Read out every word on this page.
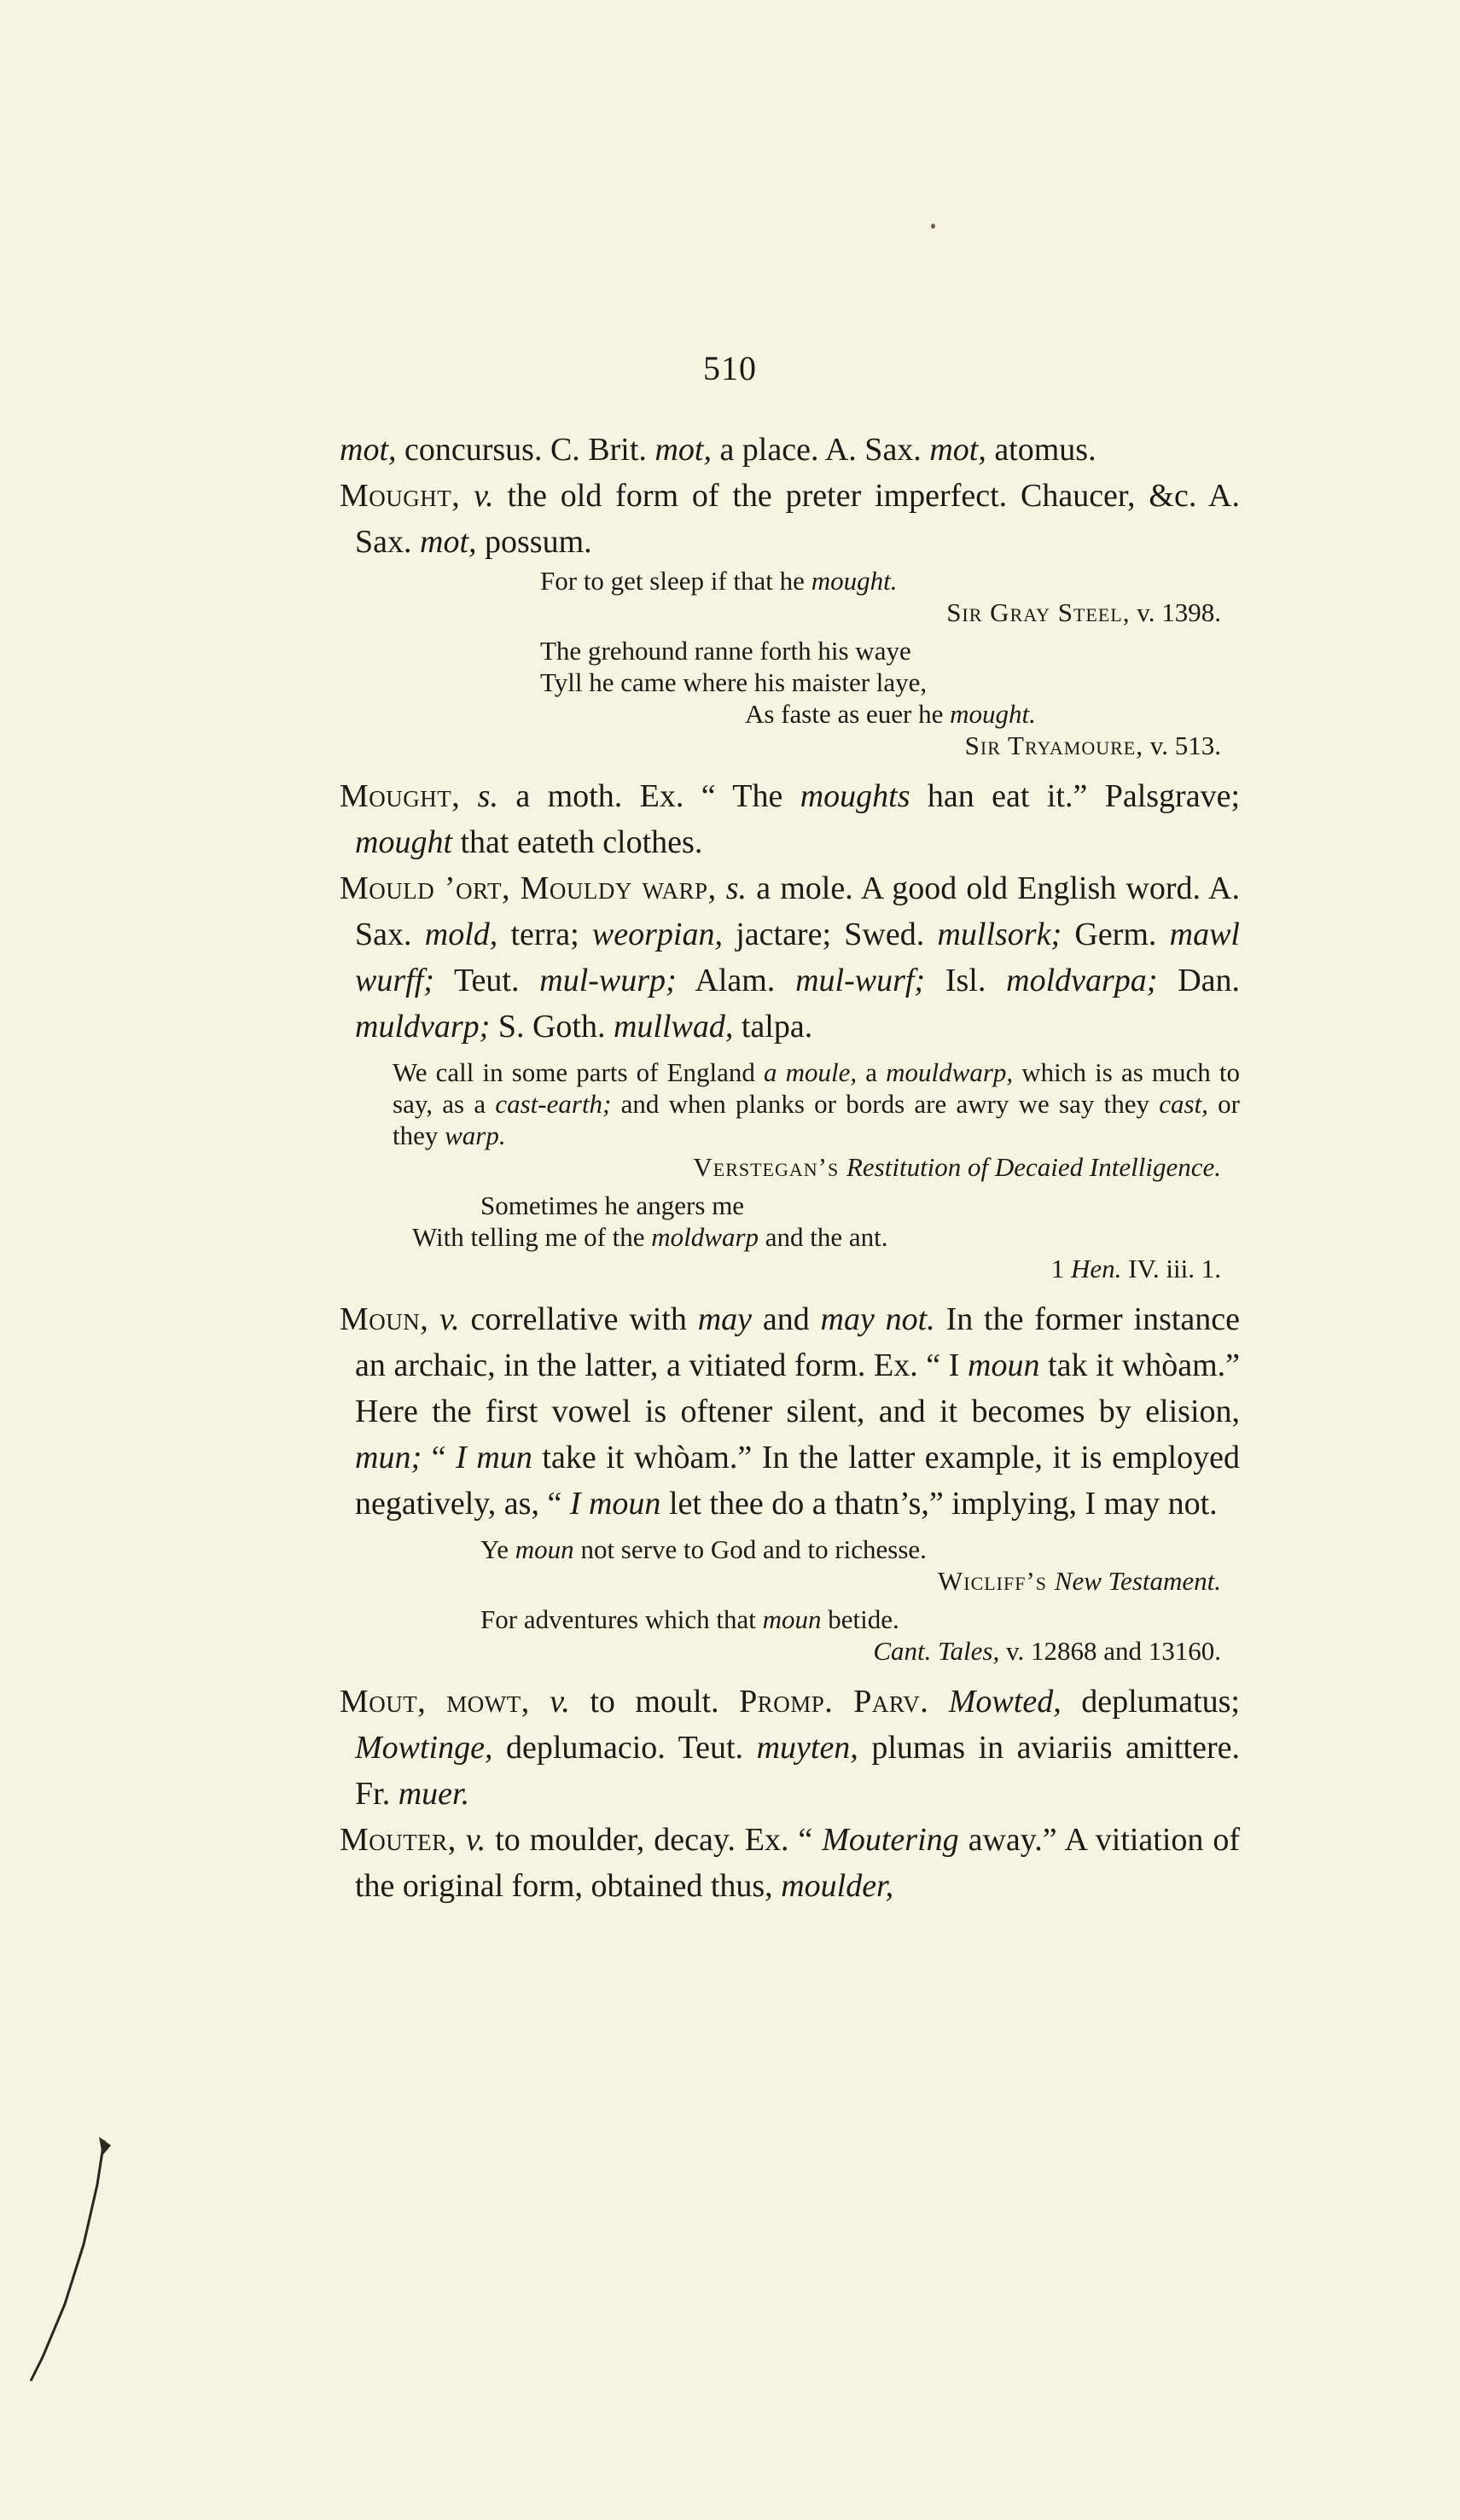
510

mot, concursus. C. Brit. mot, a place. A. Sax. mot, atomus.

Mought, v. the old form of the preter imperfect. Chaucer, &c. A. Sax. mot, possum.

For to get sleep if that he mought.

Sir Gray Steel, v. 1398.

The grehound ranne forth his waye

Tyll he came where his maister laye,

As faste as euer he mought.

Sir Tryamoure, v. 513.

Mought, s. a moth. Ex. “ The moughts han eat it.” Palsgrave; mought that eateth clothes.

Mould ’ort, Mouldy warp, s. a mole. A good old English word. A. Sax. mold, terra; weorpian, jactare; Swed. mullsork; Germ. mawl wurff; Teut. mul-wurp; Alam. mul-wurf; Isl. moldvarpa; Dan. muldvarp; S. Goth. mullwad, talpa.

We call in some parts of England a moule, a mouldwarp, which is as much to say, as a cast-earth; and when planks or bords are awry we say they cast, or they warp.

Verstegan’s Restitution of Decaied Intelligence.

Sometimes he angers me

With telling me of the moldwarp and the ant.

1 Hen. IV. iii. 1.

Moun, v. correllative with may and may not. In the former instance an archaic, in the latter, a vitiated form. Ex. “ I moun tak it whòam.” Here the first vowel is oftener silent, and it becomes by elision, mun; “ I mun take it whòam.” In the latter example, it is employed negatively, as, “ I moun let thee do a thatn’s,” implying, I may not.

Ye moun not serve to God and to richesse.

Wicliff’s New Testament.

For adventures which that moun betide.

Cant. Tales, v. 12868 and 13160.

Mout, mowt, v. to moult. Promp. Parv. Mowted, deplumatus; Mowtinge, deplumacio. Teut. muyten, plumas in aviariis amittere. Fr. muer.

Mouter, v. to moulder, decay. Ex. “ Moutering away.” A vitiation of the original form, obtained thus, moulder,
